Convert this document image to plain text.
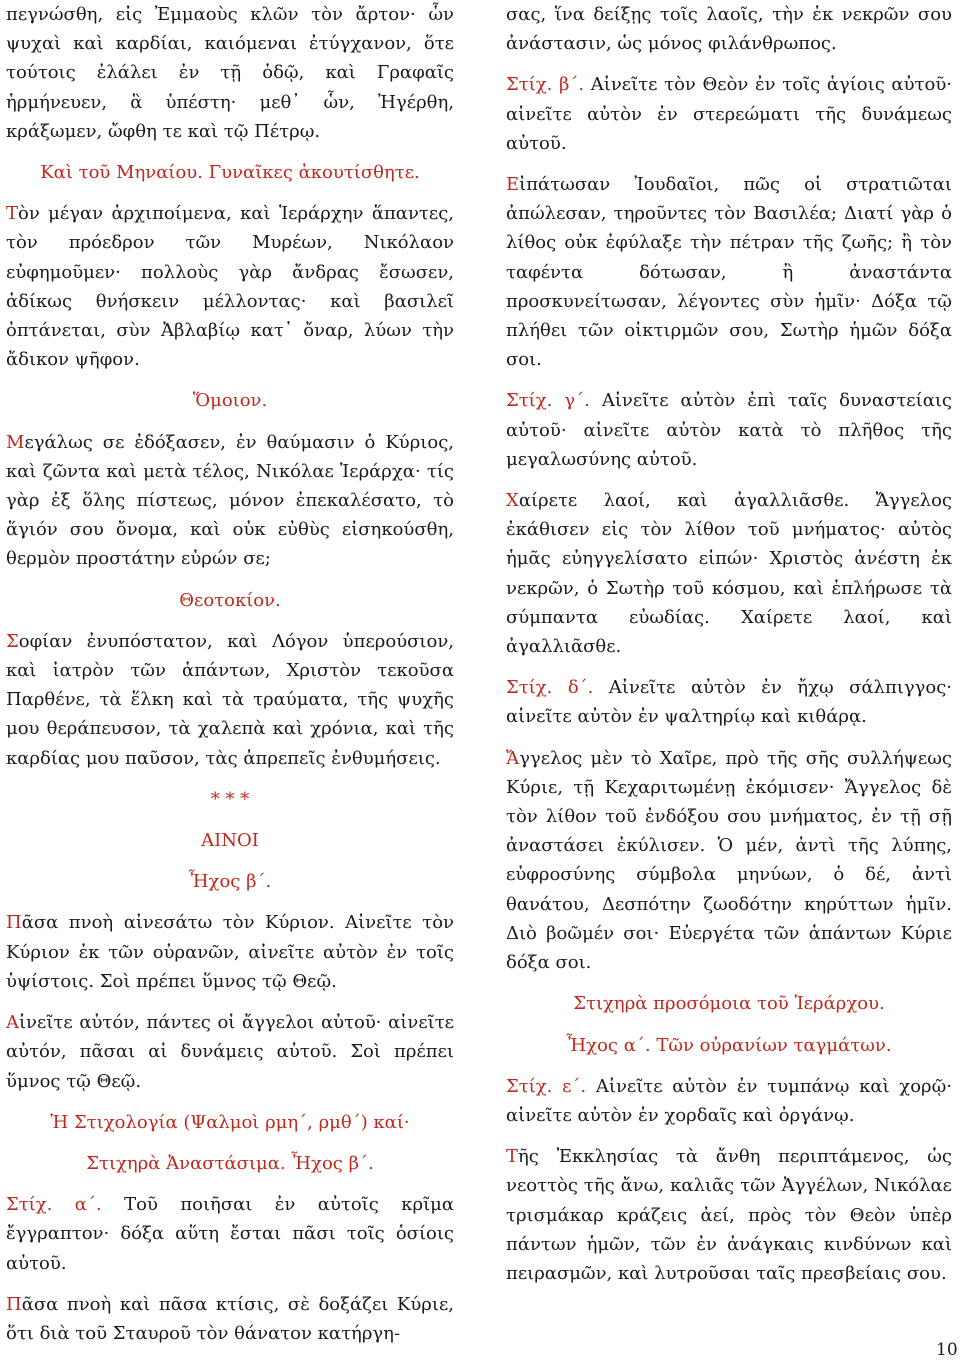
πεγνώσθη, εἰς Ἐμμαοὺς κλῶν τὸν ἄρτον· ὧν ψυχαὶ καὶ καρδίαι, καιόμεναι ἐτύγχανον, ὅτε τούτοις ἐλάλει ἐν τῇ ὁδῷ, καὶ Γραφαῖς ἡρμήνευεν, ἃ ὑπέστη· μεθ᾽ ὧν, Ἠγέρθη, κράξωμεν, ὤφθη τε καὶ τῷ Πέτρῳ.

Καὶ τοῦ Μηναίου. Γυναῖκες ἀκουτίσθητε.

Τὸν μέγαν ἀρχιποίμενα, καὶ Ἱεράρχην ἅπαντες, τὸν πρόεδρον τῶν Μυρέων, Νικόλαον εὐφημοῦμεν· πολλοὺς γὰρ ἄνδρας ἔσωσεν, ἀδίκως θνήσκειν μέλλοντας· καὶ βασιλεῖ ὀπτάνεται, σὺν Ἀβλαβίῳ κατ᾽ ὄναρ, λύων τὴν ἄδικον ψῆφον.

Ὅμοιον.

Μεγάλως σε ἐδόξασεν, ἐν θαύμασιν ὁ Κύριος, καὶ ζῶντα καὶ μετὰ τέλος, Νικόλαε Ἱεράρχα· τίς γὰρ ἐξ ὅλης πίστεως, μόνον ἐπεκαλέσατο, τὸ ἅγιόν σου ὄνομα, καὶ οὐκ εὐθὺς εἰσηκούσθη, θερμὸν προστάτην εὑρών σε;

Θεοτοκίον.

Σοφίαν ἐνυπόστατον, καὶ Λόγον ὑπερούσιον, καὶ ἰατρὸν τῶν ἁπάντων, Χριστὸν τεκοῦσα Παρθένε, τὰ ἕλκη καὶ τὰ τραύματα, τῆς ψυχῆς μου θεράπευσον, τὰ χαλεπὰ καὶ χρόνια, καὶ τῆς καρδίας μου παῦσον, τὰς ἀπρεπεῖς ἐνθυμήσεις.

* * *

ΑΙΝΟΙ

Ἦχος β΄.

Πᾶσα πνοὴ αἰνεσάτω τὸν Κύριον. Αἰνεῖτε τὸν Κύριον ἐκ τῶν οὐρανῶν, αἰνεῖτε αὐτὸν ἐν τοῖς ὑψίστοις. Σοὶ πρέπει ὕμνος τῷ Θεῷ.

Αἰνεῖτε αὐτόν, πάντες οἱ ἄγγελοι αὐτοῦ· αἰνεῖτε αὐτόν, πᾶσαι αἱ δυνάμεις αὐτοῦ. Σοὶ πρέπει ὕμνος τῷ Θεῷ.

Ἡ Στιχολογία (Ψαλμοὶ ρμη΄, ρμθ΄) καί·

Στιχηρὰ Ἀναστάσιμα. Ἦχος β΄.

Στίχ. α΄. Τοῦ ποιῆσαι ἐν αὐτοῖς κρῖμα ἔγγραπτον· δόξα αὕτη ἔσται πᾶσι τοῖς ὁσίοις αὐτοῦ.

Πᾶσα πνοὴ καὶ πᾶσα κτίσις, σὲ δοξάζει Κύριε, ὅτι διὰ τοῦ Σταυροῦ τὸν θάνατον κατήργη-

σας, ἵνα δείξῃς τοῖς λαοῖς, τὴν ἐκ νεκρῶν σου ἀνάστασιν, ὡς μόνος φιλάνθρωπος.

Στίχ. β΄. Αἰνεῖτε τὸν Θεὸν ἐν τοῖς ἁγίοις αὐτοῦ· αἰνεῖτε αὐτὸν ἐν στερεώματι τῆς δυνάμεως αὐτοῦ.

Εἰπάτωσαν Ἰουδαῖοι, πῶς οἱ στρατιῶται ἀπώλεσαν, τηροῦντες τὸν Βασιλέα; Διατί γὰρ ὁ λίθος οὐκ ἐφύλαξε τὴν πέτραν τῆς ζωῆς; ἢ τὸν ταφέντα δότωσαν, ἢ ἀναστάντα προσκυνείτωσαν, λέγοντες σὺν ἡμῖν· Δόξα τῷ πλήθει τῶν οἰκτιρμῶν σου, Σωτὴρ ἡμῶν δόξα σοι.

Στίχ. γ΄. Αἰνεῖτε αὐτὸν ἐπὶ ταῖς δυναστείαις αὐτοῦ· αἰνεῖτε αὐτὸν κατὰ τὸ πλῆθος τῆς μεγαλωσύνης αὐτοῦ.

Χαίρετε λαοί, καὶ ἀγαλλιᾶσθε. Ἄγγελος ἐκάθισεν εἰς τὸν λίθον τοῦ μνήματος· αὐτὸς ἡμᾶς εὐηγγελίσατο εἰπών· Χριστὸς ἀνέστη ἐκ νεκρῶν, ὁ Σωτὴρ τοῦ κόσμου, καὶ ἐπλήρωσε τὰ σύμπαντα εὐωδίας. Χαίρετε λαοί, καὶ ἀγαλλιᾶσθε.

Στίχ. δ΄. Αἰνεῖτε αὐτὸν ἐν ἤχῳ σάλπιγγος· αἰνεῖτε αὐτὸν ἐν ψαλτηρίῳ καὶ κιθάρᾳ.

Ἄγγελος μὲν τὸ Χαῖρε, πρὸ τῆς σῆς συλλήψεως Κύριε, τῇ Κεχαριτωμένῃ ἐκόμισεν· Ἄγγελος δὲ τὸν λίθον τοῦ ἐνδόξου σου μνήματος, ἐν τῇ σῇ ἀναστάσει ἐκύλισεν. Ὁ μέν, ἀντὶ τῆς λύπης, εὐφροσύνης σύμβολα μηνύων, ὁ δέ, ἀντὶ θανάτου, Δεσπότην ζωοδότην κηρύττων ἡμῖν. Διὸ βοῶμέν σοι· Εὐεργέτα τῶν ἁπάντων Κύριε δόξα σοι.

Στιχηρὰ προσόμοια τοῦ Ἱεράρχου.

Ἦχος α΄. Τῶν οὐρανίων ταγμάτων.

Στίχ. ε΄. Αἰνεῖτε αὐτὸν ἐν τυμπάνῳ καὶ χορῷ· αἰνεῖτε αὐτὸν ἐν χορδαῖς καὶ ὀργάνῳ.

Τῆς Ἐκκλησίας τὰ ἄνθη περιπτάμενος, ὡς νεοττὸς τῆς ἄνω, καλιᾶς τῶν Ἀγγέλων, Νικόλαε τρισμάκαρ κράζεις ἀεί, πρὸς τὸν Θεὸν ὑπὲρ πάντων ἡμῶν, τῶν ἐν ἀνάγκαις κινδύνων καὶ πειρασμῶν, καὶ λυτροῦσαι ταῖς πρεσβείαις σου.

10
